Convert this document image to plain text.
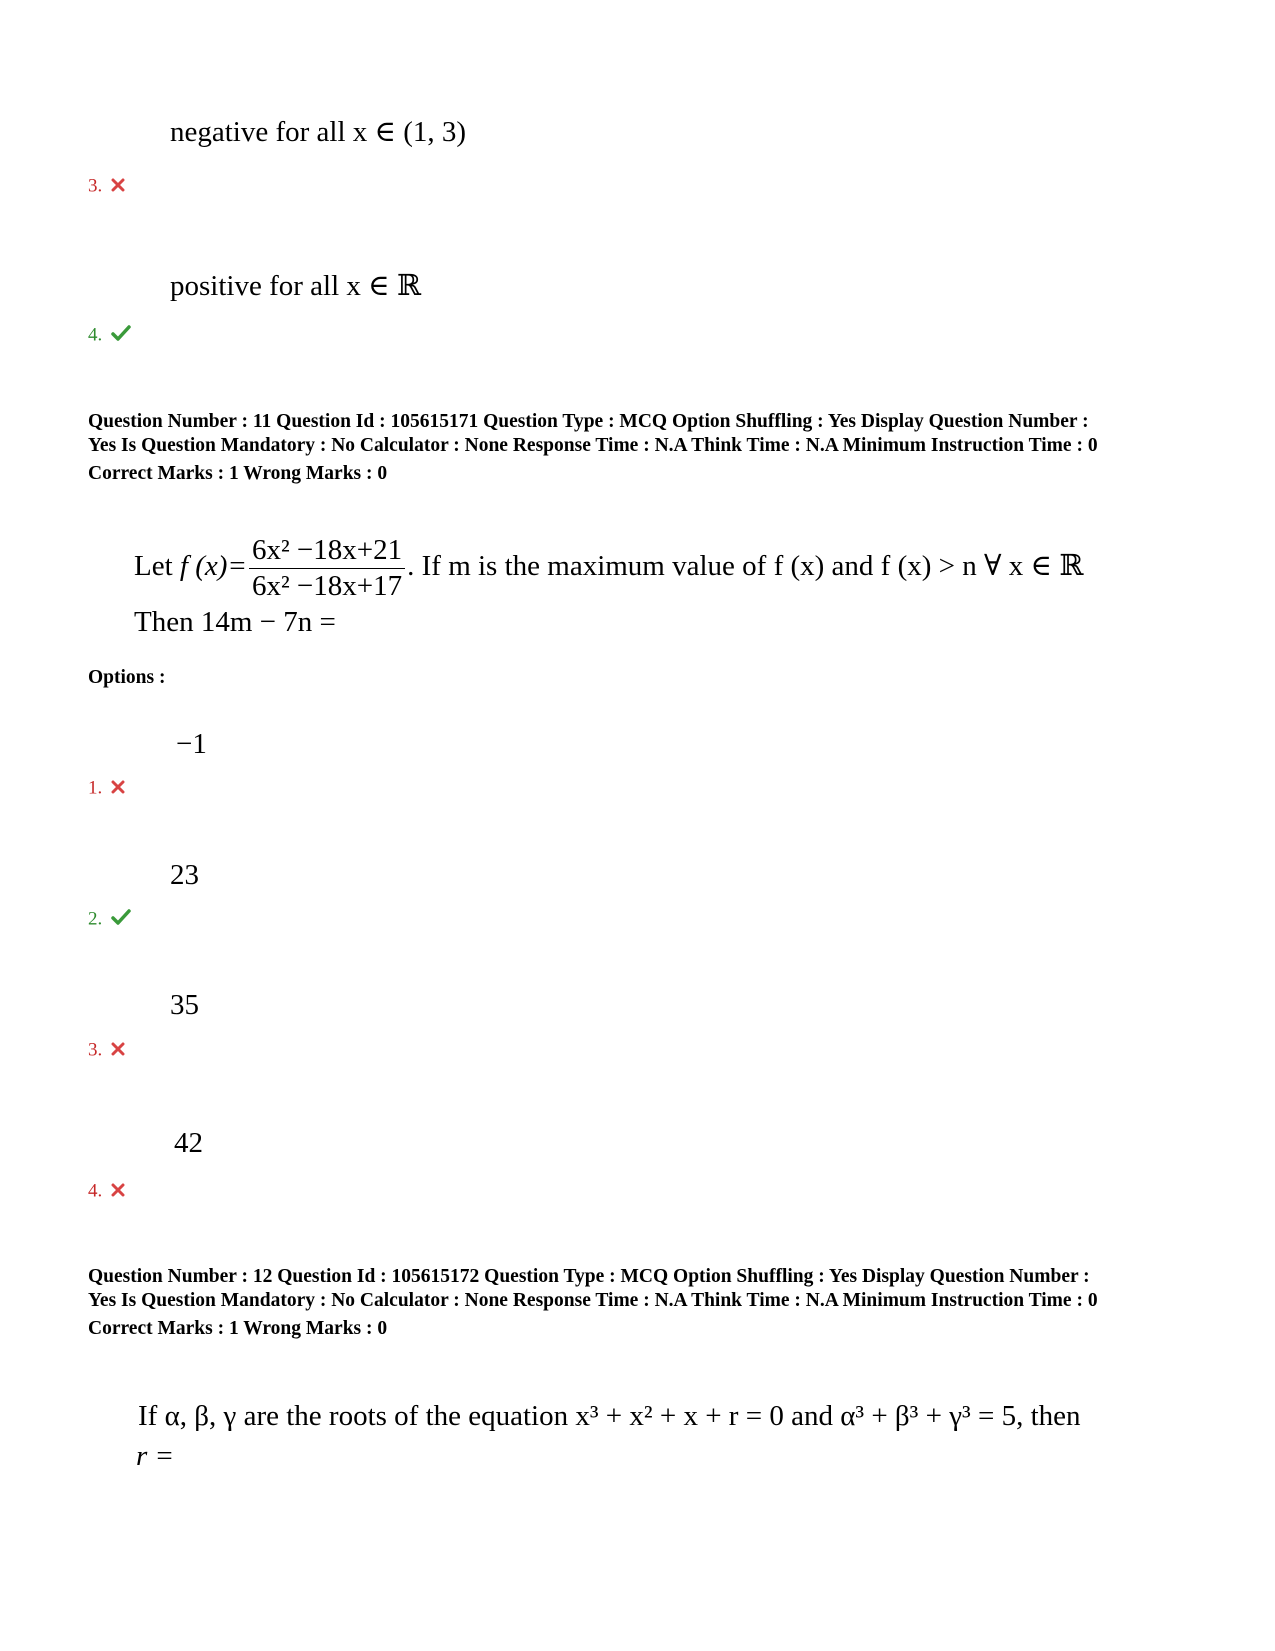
negative for all x ∈ (1, 3)
3.
positive for all x ∈ ℝ
4.
Question Number : 11 Question Id : 105615171 Question Type : MCQ Option Shuffling : Yes Display Question Number :
Yes Is Question Mandatory : No Calculator : None Response Time : N.A Think Time : N.A Minimum Instruction Time : 0
Correct Marks : 1 Wrong Marks : 0
Let f $(x)= \frac{\text{6x² −18x+21}}{\text{6x² −18x+17}}$ . If m is the maximum value of f (x) and f (x) > n ∀ x ∈ ℝ
Then 14m − 7n =
Options :
−1
1.
23
2.
35
3.
42
4.
Question Number : 12 Question Id : 105615172 Question Type : MCQ Option Shuffling : Yes Display Question Number :
Yes Is Question Mandatory : No Calculator : None Response Time : N.A Think Time : N.A Minimum Instruction Time : 0
Correct Marks : 1 Wrong Marks : 0
If α, β, γ are the roots of the equation x³ + x² + x + r = 0 and α³ + β³ + γ³ = 5, then
r =
